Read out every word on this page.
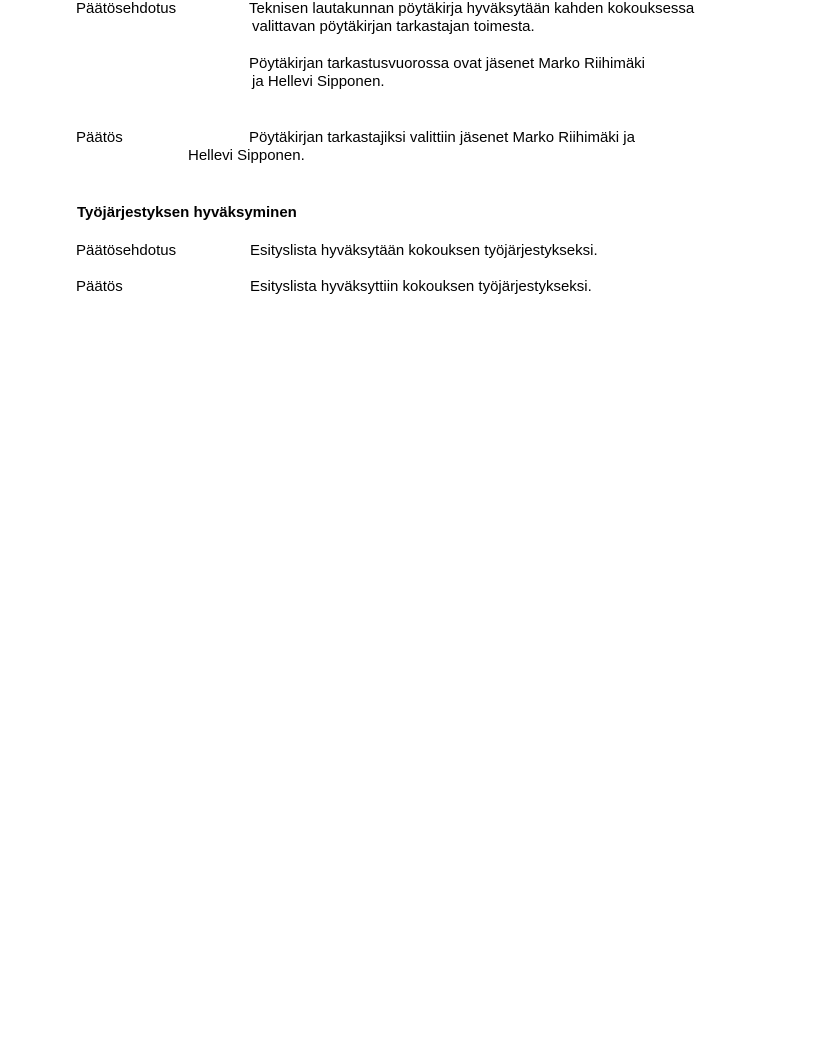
Päätösehdotus	Teknisen lautakunnan pöytäkirja hyväksytään kahden kokouksessa
valittavan pöytäkirjan tarkastajan toimesta.
Pöytäkirjan tarkastusvuorossa ovat jäsenet Marko Riihimäki
ja Hellevi Sipponen.
Päätös	Pöytäkirjan tarkastajiksi valittiin jäsenet Marko Riihimäki ja
Hellevi Sipponen.
Työjärjestyksen hyväksyminen
Päätösehdotus	Esityslista hyväksytään kokouksen työjärjestykseksi.
Päätös	Esityslista hyväksyttiin kokouksen työjärjestykseksi.
